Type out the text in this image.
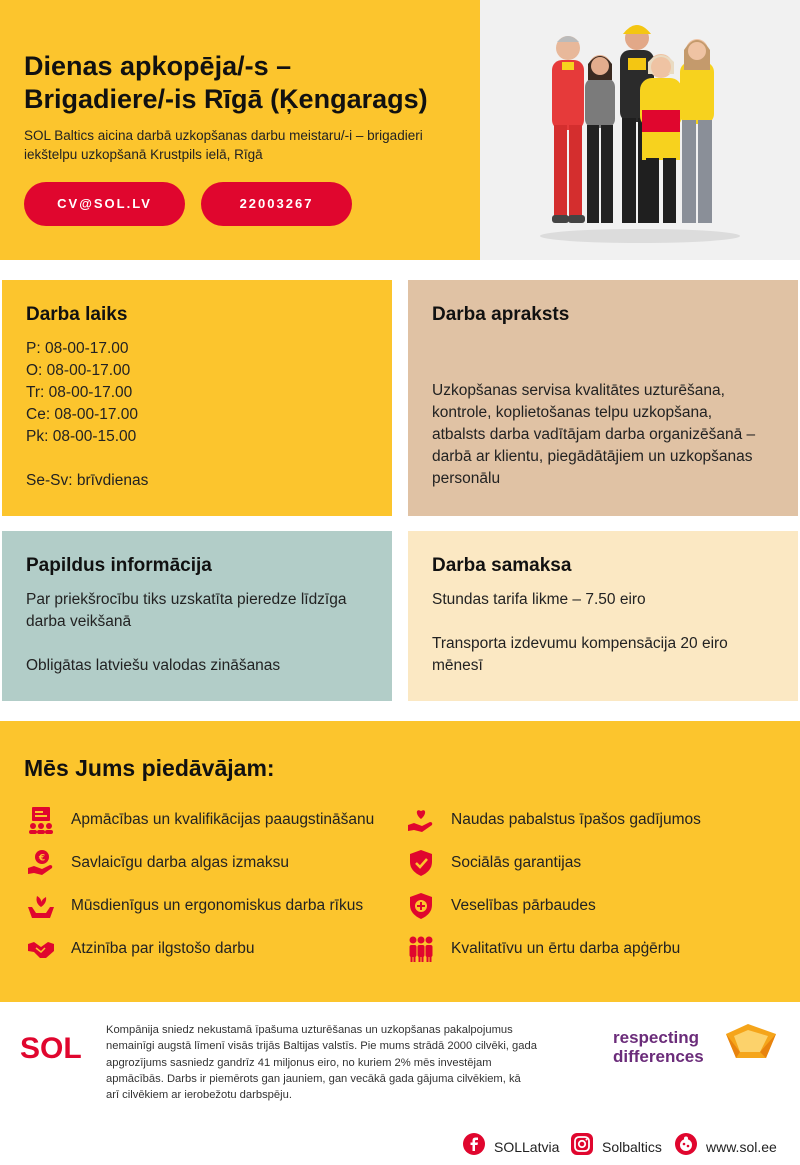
Dienas apkopēja/-s –
Brigadiere/-is Rīgā (Ķengarags)

SOL Baltics aicina darbā uzkopšanas darbu meistaru/-i – brigadieri
iekštelpu uzkopšanā Krustpils ielā, Rīgā

CV@SOL.LV	22003267
Darba laiks
P: 08-00-17.00
O: 08-00-17.00
Tr: 08-00-17.00
Ce: 08-00-17.00
Pk: 08-00-15.00
Se-Sv: brīvdienas
Darba apraksts
Uzkopšanas servisa kvalitātes uzturēšana,
kontrole, koplietošanas telpu uzkopšana,
atbalsts darba vadītājam darba organizēšanā –
darbā ar klientu, piegādātājiem un uzkopšanas
personālu
Papildus informācija
Par priekšrocību tiks uzskatīta pieredze līdzīga
darba veikšanā
Obligātas latviešu valodas zināšanas
Darba samaksa
Stundas tarifa likme – 7.50 eiro
Transporta izdevumu kompensācija 20 eiro
mēnesī
Mēs Jums piedāvājam:
Apmācības un kvalifikācijas paaugstināšanu	Naudas pabalstus īpašos gadījumos
€ Savlaicīgu darba algas izmaksu	Sociālās garantijas
Mūsdienīgus un ergonomiskus darba rīkus	Veselības pārbaudes
Atzinība par ilgstošo darbu	Kvalitatīvu un ērtu darba apģērbu
SOL
Kompānija sniedz nekustamā īpašuma uzturēšanas un uzkopšanas pakalpojumus
nemainīgi augstā līmenī visās trijās Baltijas valstīs. Pie mums strādā 2000 cilvēki, gada
apgrozījums sasniedz gandrīz 41 miljonus eiro, no kuriem 2% mēs investējam
apmācībās. Darbs ir piemērots gan jauniem, gan vecākā gada gājuma cilvēkiem, kā
arī cilvēkiem ar ierobežotu darbspēju.
respecting
differences
SOLLatvia	Solbaltics	www.sol.ee
